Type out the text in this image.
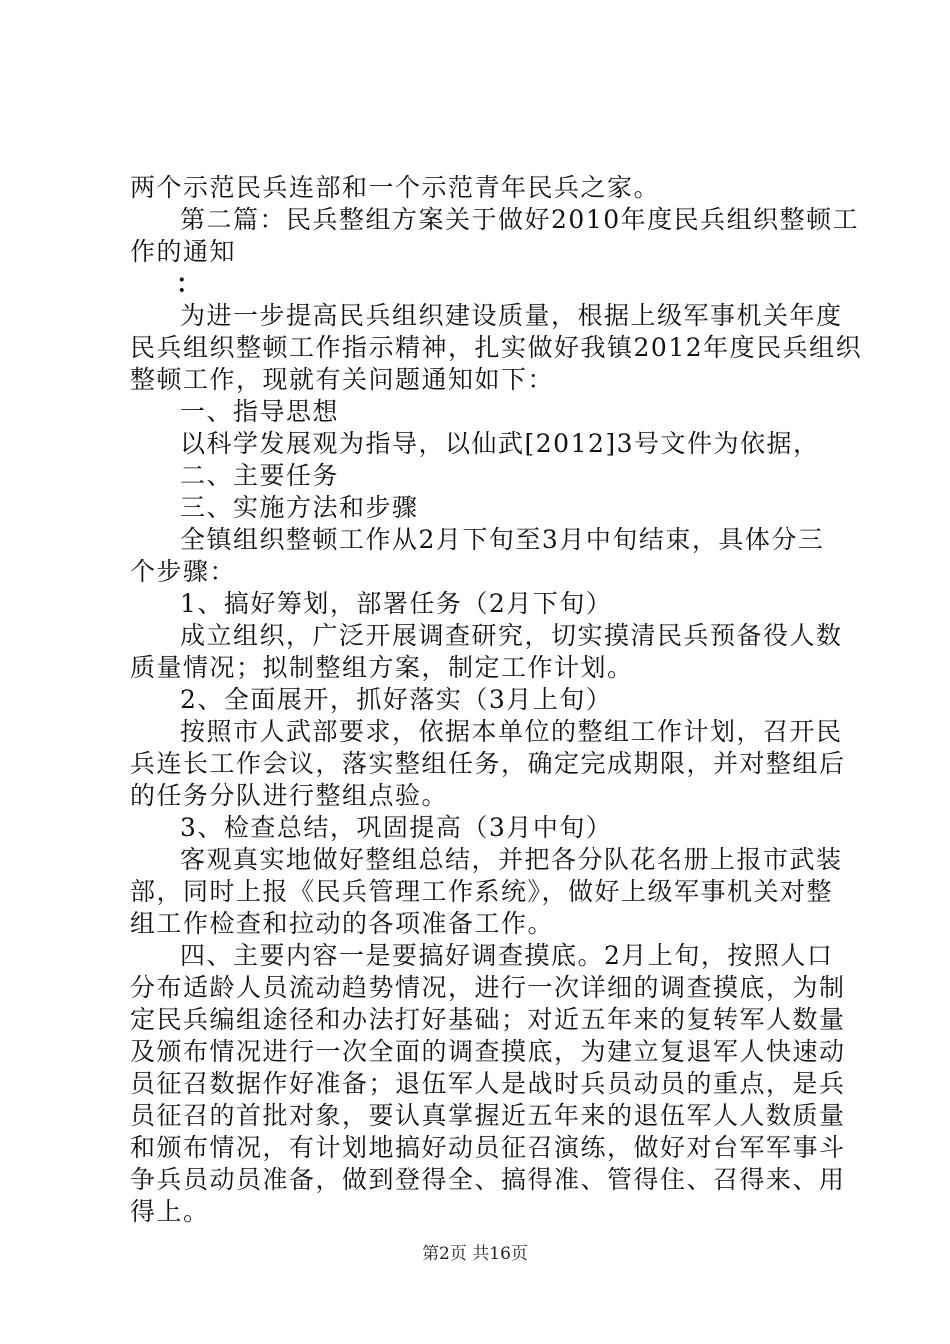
两个示范民兵连部和一个示范青年民兵之家。
第二篇：民兵整组方案关于做好2010年度民兵组织整顿工
作的通知
：
为进一步提高民兵组织建设质量，根据上级军事机关年度
民兵组织整顿工作指示精神，扎实做好我镇2012年度民兵组织
整顿工作，现就有关问题通知如下：
一、指导思想
以科学发展观为指导，以仙武[2012]3号文件为依据，
二、主要任务
三、实施方法和步骤
全镇组织整顿工作从2月下旬至3月中旬结束，具体分三
个步骤：
1、搞好筹划，部署任务（2月下旬）
成立组织，广泛开展调查研究，切实摸清民兵预备役人数
质量情况；拟制整组方案，制定工作计划。
2、全面展开，抓好落实（3月上旬）
按照市人武部要求，依据本单位的整组工作计划，召开民
兵连长工作会议，落实整组任务，确定完成期限，并对整组后
的任务分队进行整组点验。
3、检查总结，巩固提高（3月中旬）
客观真实地做好整组总结，并把各分队花名册上报市武装
部，同时上报《民兵管理工作系统》，做好上级军事机关对整
组工作检查和拉动的各项准备工作。
四、主要内容一是要搞好调查摸底。2月上旬，按照人口
分布适龄人员流动趋势情况，进行一次详细的调查摸底，为制
定民兵编组途径和办法打好基础；对近五年来的复转军人数量
及颁布情况进行一次全面的调查摸底，为建立复退军人快速动
员征召数据作好准备；退伍军人是战时兵员动员的重点，是兵
员征召的首批对象，要认真掌握近五年来的退伍军人人数质量
和颁布情况，有计划地搞好动员征召演练，做好对台军军事斗
争兵员动员准备，做到登得全、搞得准、管得住、召得来、用
得上。
第2页 共16页
